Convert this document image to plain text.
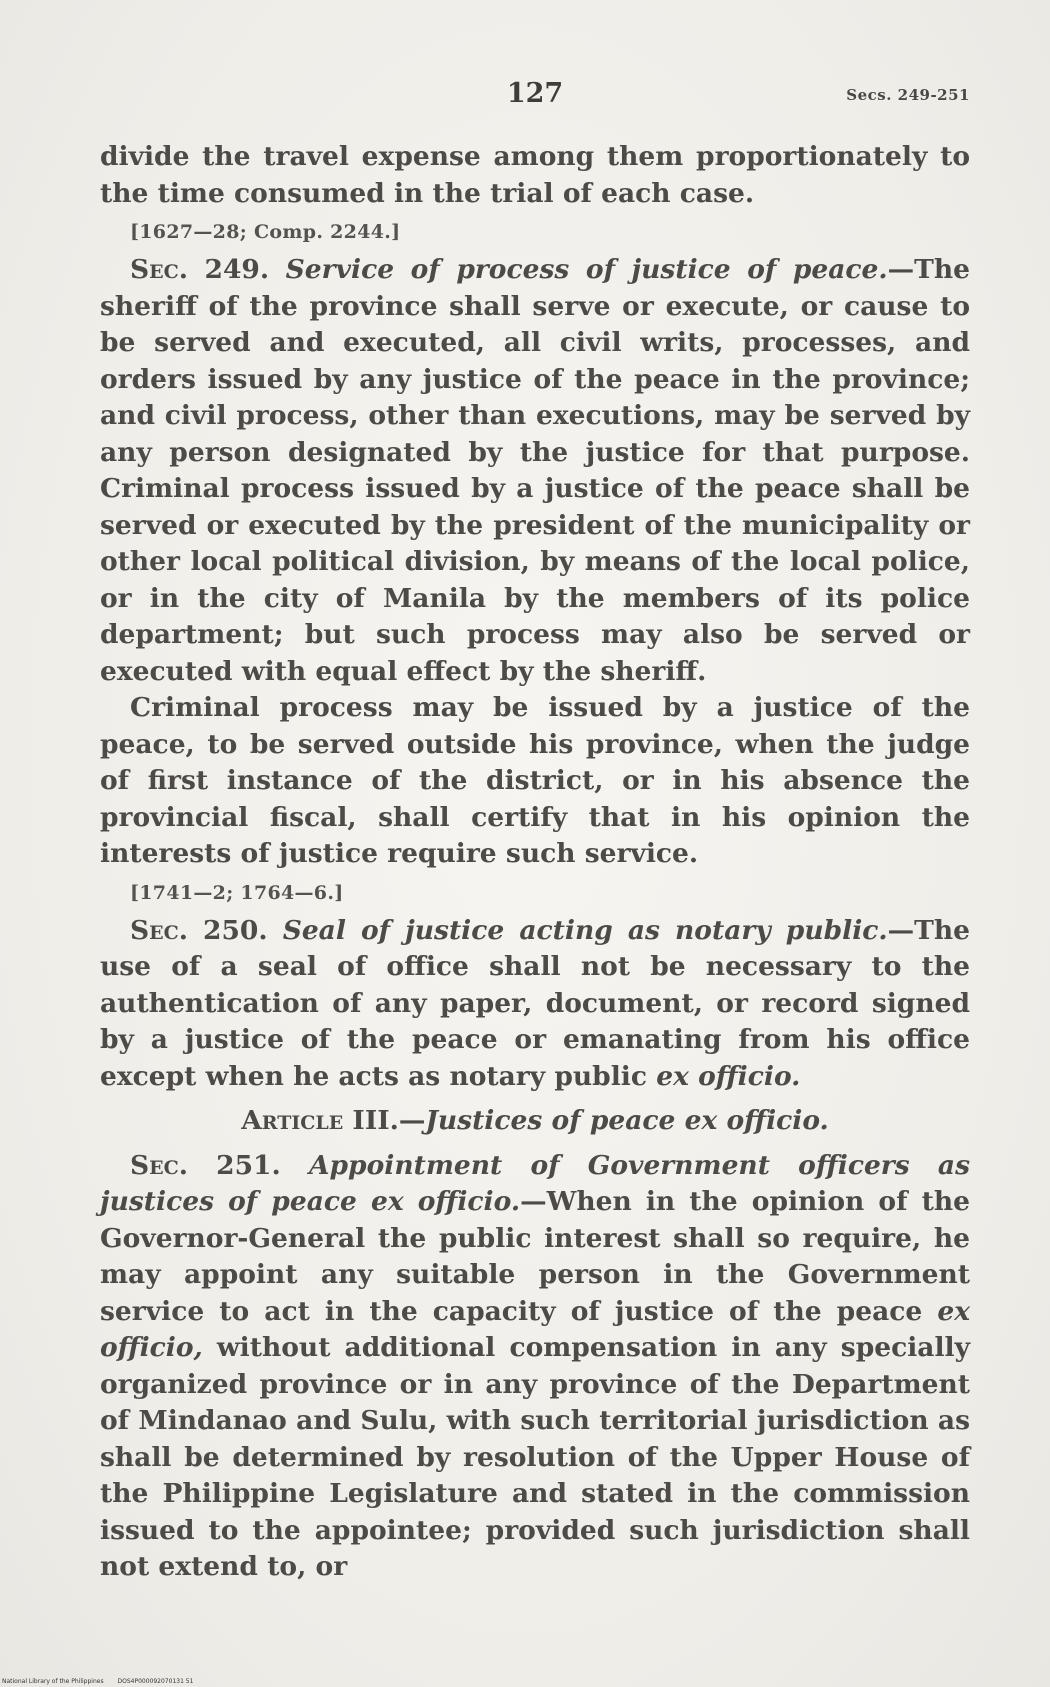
127	Secs. 249-251

divide the travel expense among them proportionately to the time consumed in the trial of each case.

[1627—28; Comp. 2244.]

Sec. 249. Service of process of justice of peace.—The sheriff of the province shall serve or execute, or cause to be served and executed, all civil writs, processes, and orders issued by any justice of the peace in the province; and civil process, other than executions, may be served by any person designated by the justice for that purpose. Criminal process issued by a justice of the peace shall be served or executed by the president of the municipality or other local political division, by means of the local police, or in the city of Manila by the members of its police department; but such process may also be served or executed with equal effect by the sheriff.

Criminal process may be issued by a justice of the peace, to be served outside his province, when the judge of first instance of the district, or in his absence the provincial fiscal, shall certify that in his opinion the interests of justice require such service.

[1741—2; 1764—6.]

Sec. 250. Seal of justice acting as notary public.—The use of a seal of office shall not be necessary to the authentication of any paper, document, or record signed by a justice of the peace or emanating from his office except when he acts as notary public ex officio.

Article III.—Justices of peace ex officio.

Sec. 251. Appointment of Government officers as justices of peace ex officio.—When in the opinion of the Governor-General the public interest shall so require, he may appoint any suitable person in the Government service to act in the capacity of justice of the peace ex officio, without additional compensation in any specially organized province or in any province of the Department of Mindanao and Sulu, with such territorial jurisdiction as shall be determined by resolution of the Upper House of the Philippine Legislature and stated in the commission issued to the appointee; provided such jurisdiction shall not extend to, or

National Library of the Philippines DOS4P000092070131 51
